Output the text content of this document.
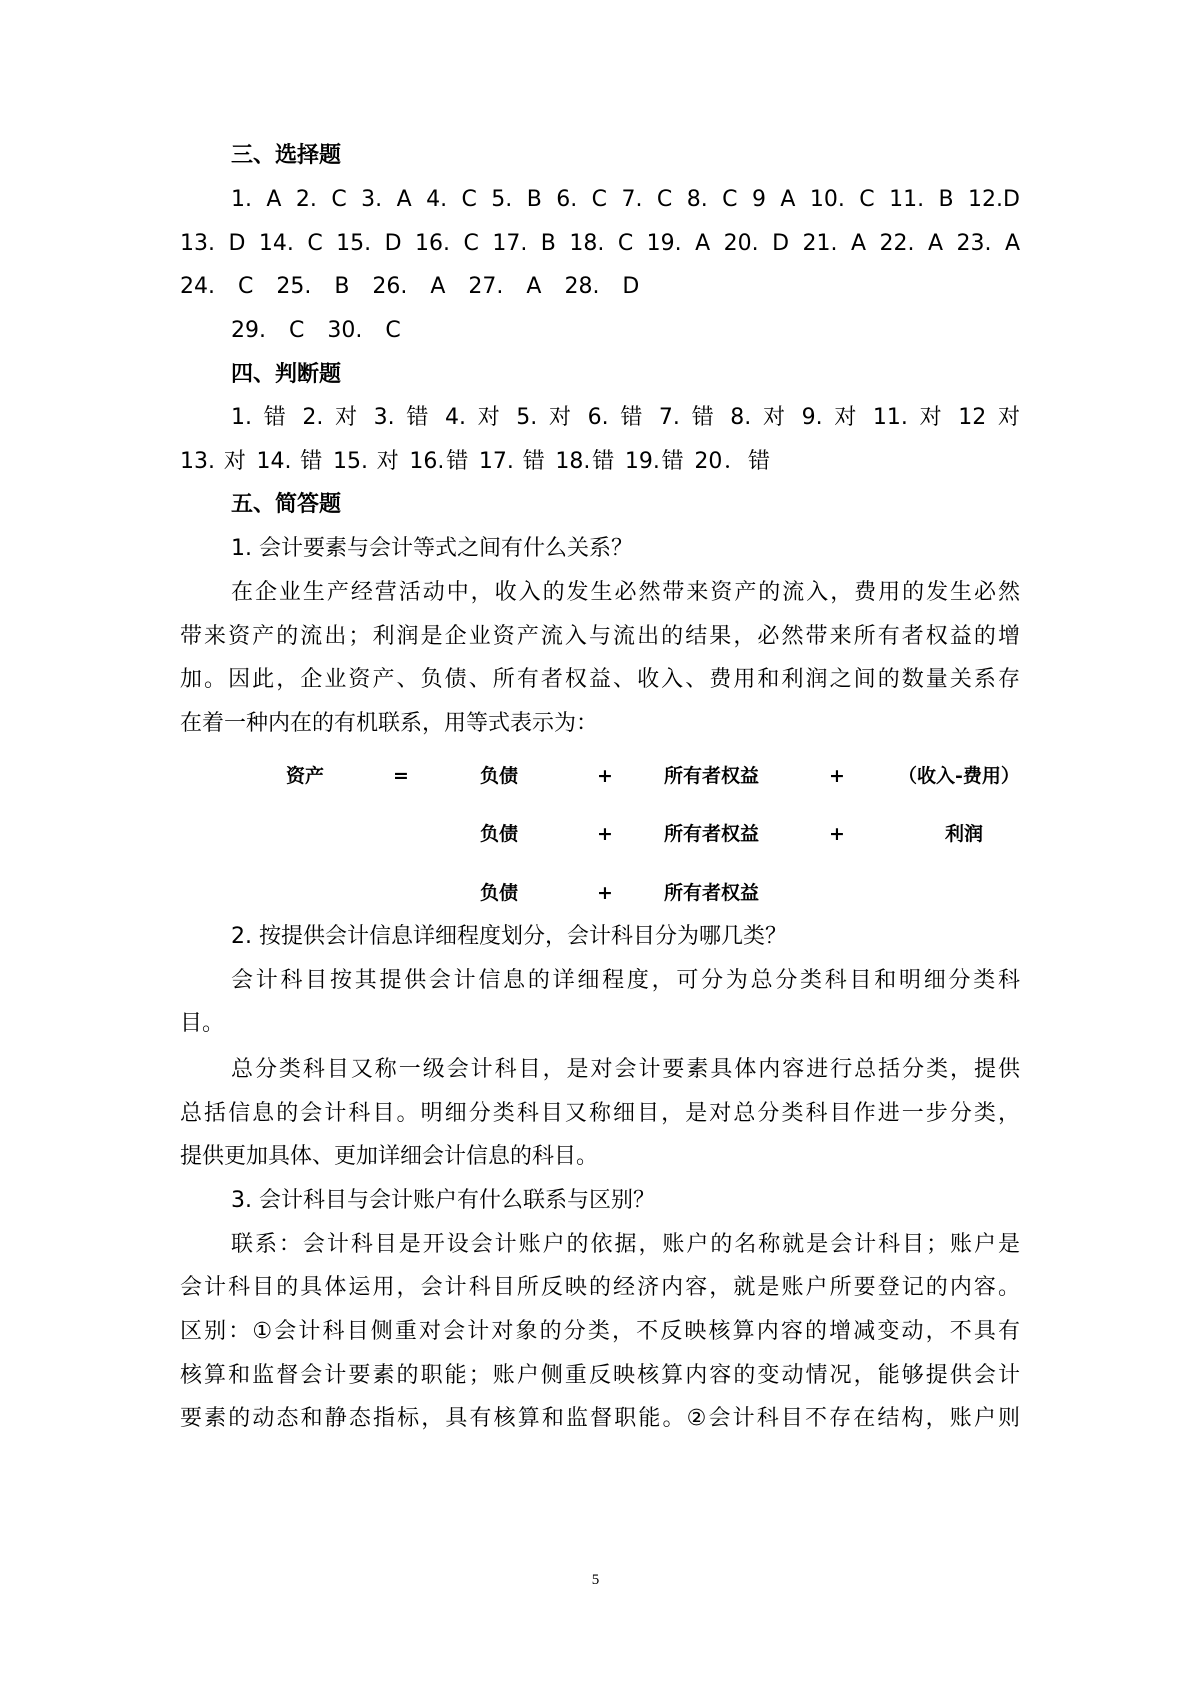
三、选择题
1. A 2. C 3. A 4. C 5. B 6. C 7. C 8. C 9 A 10. C 11. B 12.D
13. D 14. C 15. D 16. C 17. B 18. C 19. A 20. D 21. A 22. A 23. A
24. C 25. B 26. A 27. A 28. D
29. C 30. C
四、判断题
1. 错 2. 对 3. 错 4. 对 5. 对 6. 错 7. 错 8. 对 9. 对 11. 对 12 对
13. 对 14. 错 15. 对 16.错 17. 错 18.错 19.错 20．错
五、简答题
1. 会计要素与会计等式之间有什么关系？
在企业生产经营活动中，收入的发生必然带来资产的流入，费用的发生必然
带来资产的流出；利润是企业资产流入与流出的结果，必然带来所有者权益的增
加。因此，企业资产、负债、所有者权益、收入、费用和利润之间的数量关系存
在着一种内在的有机联系，用等式表示为：
资产	=	负债	+	所有者权益	+	（收入-费用）
负债	+	所有者权益	+	利润
负债	+	所有者权益
2. 按提供会计信息详细程度划分，会计科目分为哪几类？
会计科目按其提供会计信息的详细程度，可分为总分类科目和明细分类科
目。
总分类科目又称一级会计科目，是对会计要素具体内容进行总括分类，提供
总括信息的会计科目。明细分类科目又称细目，是对总分类科目作进一步分类，
提供更加具体、更加详细会计信息的科目。
3. 会计科目与会计账户有什么联系与区别？
联系：会计科目是开设会计账户的依据，账户的名称就是会计科目；账户是
会计科目的具体运用，会计科目所反映的经济内容，就是账户所要登记的内容。
区别：①会计科目侧重对会计对象的分类，不反映核算内容的增减变动，不具有
核算和监督会计要素的职能；账户侧重反映核算内容的变动情况，能够提供会计
要素的动态和静态指标，具有核算和监督职能。②会计科目不存在结构，账户则
5
